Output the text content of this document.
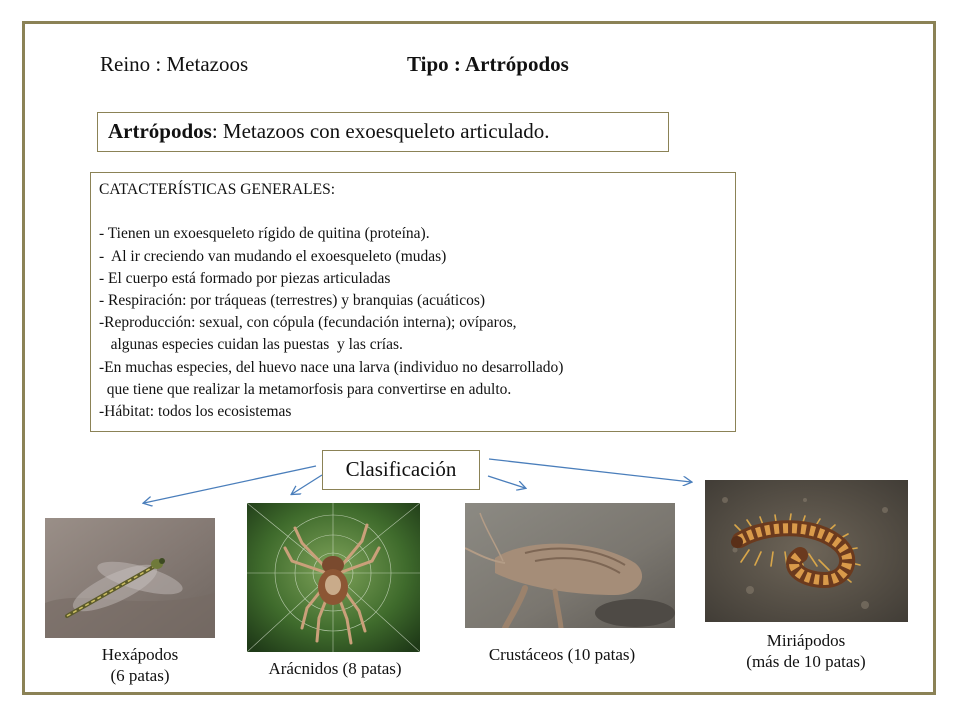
Reino : Metazoos	Tipo : Artrópodos
Artrópodos: Metazoos con exoesqueleto articulado.
CATACTERÍSTICAS GENERALES:

- Tienen un exoesqueleto rígido de quitina (proteína).
-  Al ir creciendo van mudando el exoesqueleto (mudas)
- El cuerpo está formado por piezas articuladas
- Respiración: por tráqueas (terrestres) y branquias (acuáticos)
-Reproducción: sexual, con cópula (fecundación interna); ovíparos,
algunas especies cuidan las puestas  y las crías.
-En muchas especies, del huevo nace una larva (individuo no desarrollado)
que tiene que realizar la metamorfosis para convertirse en adulto.
-Hábitat: todos los ecosistemas
Clasificación
Hexápodos
(6 patas)	Arácnidos (8 patas)
Crustáceos (10 patas)
Miriápodos
(más de 10 patas)
